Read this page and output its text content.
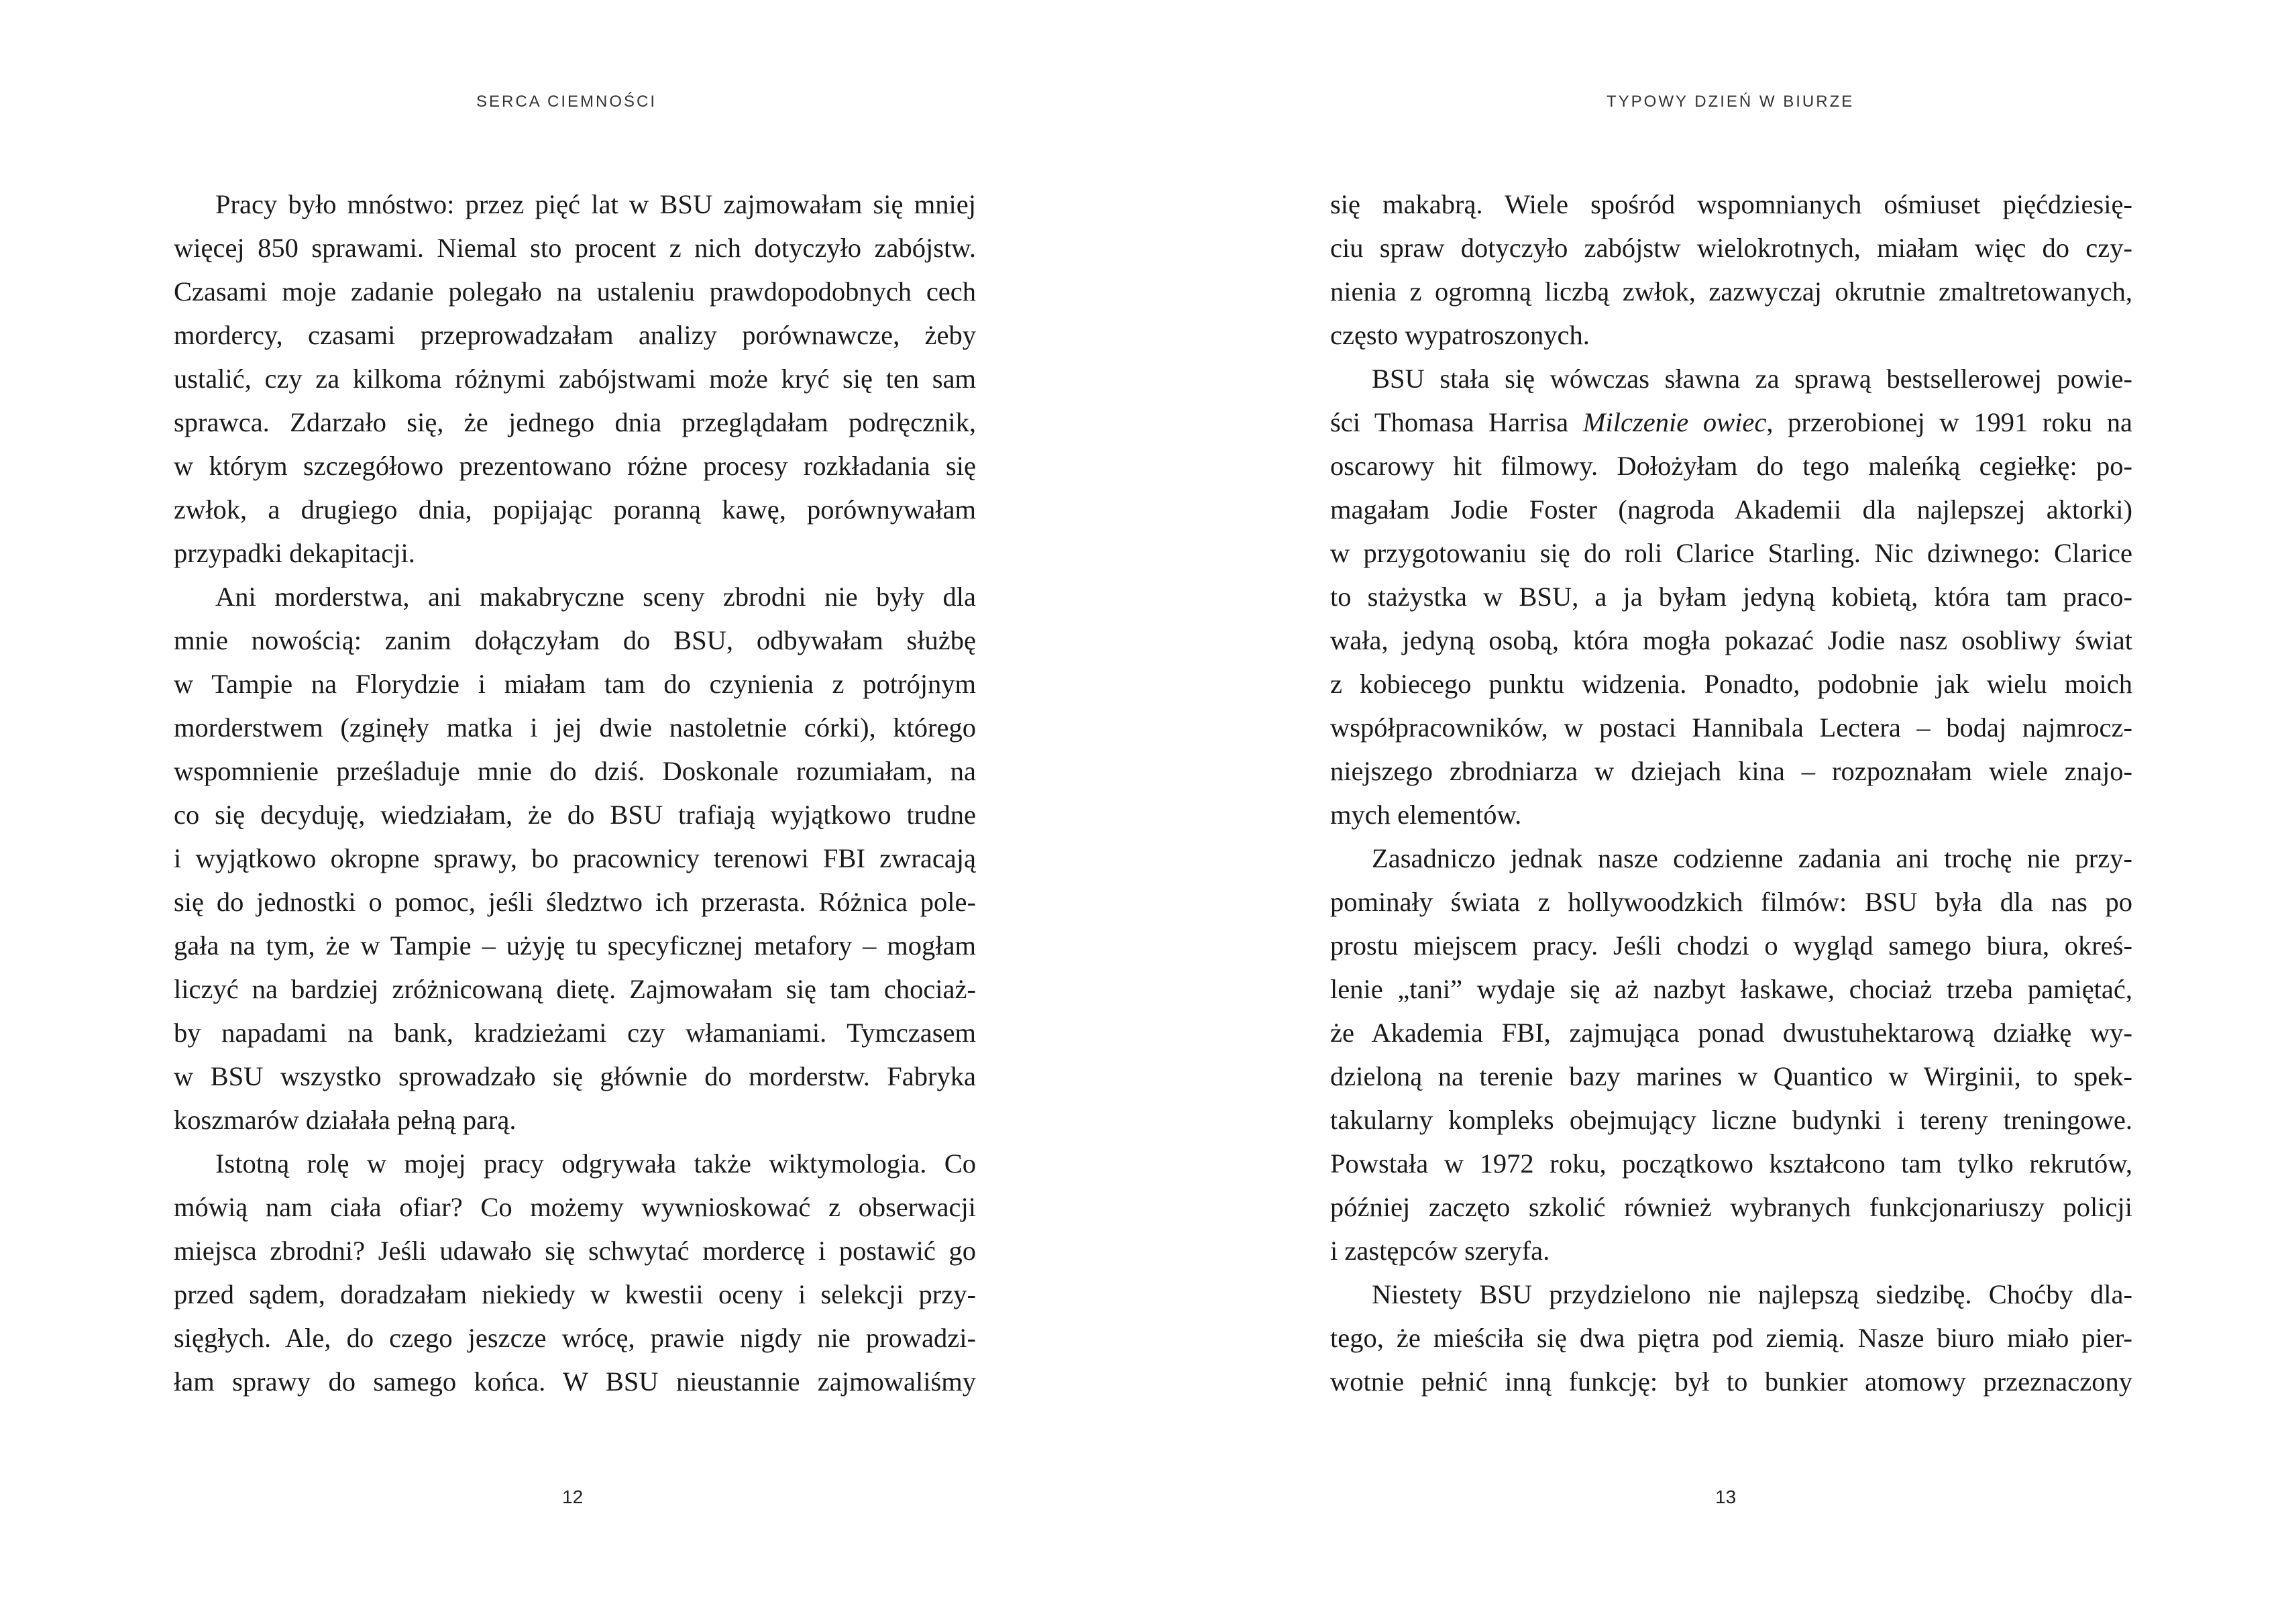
SERCA CIEMNOŚCI
Pracy było mnóstwo: przez pięć lat w BSU zajmowałam się mniej
więcej 850 sprawami. Niemal sto procent z nich dotyczyło zabójstw.
Czasami moje zadanie polegało na ustaleniu prawdopodobnych cech
mordercy, czasami przeprowadzałam analizy porównawcze, żeby
ustalić, czy za kilkoma różnymi zabójstwami może kryć się ten sam
sprawca. Zdarzało się, że jednego dnia przeglądałam podręcznik,
w którym szczegółowo prezentowano różne procesy rozkładania się
zwłok, a drugiego dnia, popijając poranną kawę, porównywałam
przypadki dekapitacji.
Ani morderstwa, ani makabryczne sceny zbrodni nie były dla
mnie nowością: zanim dołączyłam do BSU, odbywałam służbę
w Tampie na Florydzie i miałam tam do czynienia z potrójnym
morderstwem (zginęły matka i jej dwie nastoletnie córki), którego
wspomnienie prześladuje mnie do dziś. Doskonale rozumiałam, na
co się decyduję, wiedziałam, że do BSU trafiają wyjątkowo trudne
i wyjątkowo okropne sprawy, bo pracownicy terenowi FBI zwracają
się do jednostki o pomoc, jeśli śledztwo ich przerasta. Różnica pole-
gała na tym, że w Tampie – użyję tu specyficznej metafory – mogłam
liczyć na bardziej zróżnicowaną dietę. Zajmowałam się tam chociaż-
by napadami na bank, kradzieżami czy włamaniami. Tymczasem
w BSU wszystko sprowadzało się głównie do morderstw. Fabryka
koszmarów działała pełną parą.
Istotną rolę w mojej pracy odgrywała także wiktymologia. Co
mówią nam ciała ofiar? Co możemy wywnioskować z obserwacji
miejsca zbrodni? Jeśli udawało się schwytać mordercę i postawić go
przed sądem, doradzałam niekiedy w kwestii oceny i selekcji przy-
sięgłych. Ale, do czego jeszcze wrócę, prawie nigdy nie prowadzi-
łam sprawy do samego końca. W BSU nieustannie zajmowaliśmy
12
TYPOWY DZIEŃ W BIURZE
się makabrą. Wiele spośród wspomnianych ośmiuset pięćdziesię-
ciu spraw dotyczyło zabójstw wielokrotnych, miałam więc do czy-
nienia z ogromną liczbą zwłok, zazwyczaj okrutnie zmaltretowanych,
często wypatroszonych.
BSU stała się wówczas sławna za sprawą bestsellerowej powie-
ści Thomasa Harrisa Milczenie owiec, przerobionej w 1991 roku na
oscarowy hit filmowy. Dołożyłam do tego maleńką cegiełkę: po-
magałam Jodie Foster (nagroda Akademii dla najlepszej aktorki)
w przygotowaniu się do roli Clarice Starling. Nic dziwnego: Clarice
to stażystka w BSU, a ja byłam jedyną kobietą, która tam praco-
wała, jedyną osobą, która mogła pokazać Jodie nasz osobliwy świat
z kobiecego punktu widzenia. Ponadto, podobnie jak wielu moich
współpracowników, w postaci Hannibala Lectera – bodaj najmrocz-
niejszego zbrodniarza w dziejach kina – rozpoznałam wiele znajo-
mych elementów.
Zasadniczo jednak nasze codzienne zadania ani trochę nie przy-
pominały świata z hollywoodzkich filmów: BSU była dla nas po
prostu miejscem pracy. Jeśli chodzi o wygląd samego biura, okreś-
lenie „tani” wydaje się aż nazbyt łaskawe, chociaż trzeba pamiętać,
że Akademia FBI, zajmująca ponad dwustuhektarową działkę wy-
dzieloną na terenie bazy marines w Quantico w Wirginii, to spek-
takularny kompleks obejmujący liczne budynki i tereny treningowe.
Powstała w 1972 roku, początkowo kształcono tam tylko rekrutów,
później zaczęto szkolić również wybranych funkcjonariuszy policji
i zastępców szeryfa.
Niestety BSU przydzielono nie najlepszą siedzibę. Choćby dla-
tego, że mieściła się dwa piętra pod ziemią. Nasze biuro miało pier-
wotnie pełnić inną funkcję: był to bunkier atomowy przeznaczony
13
